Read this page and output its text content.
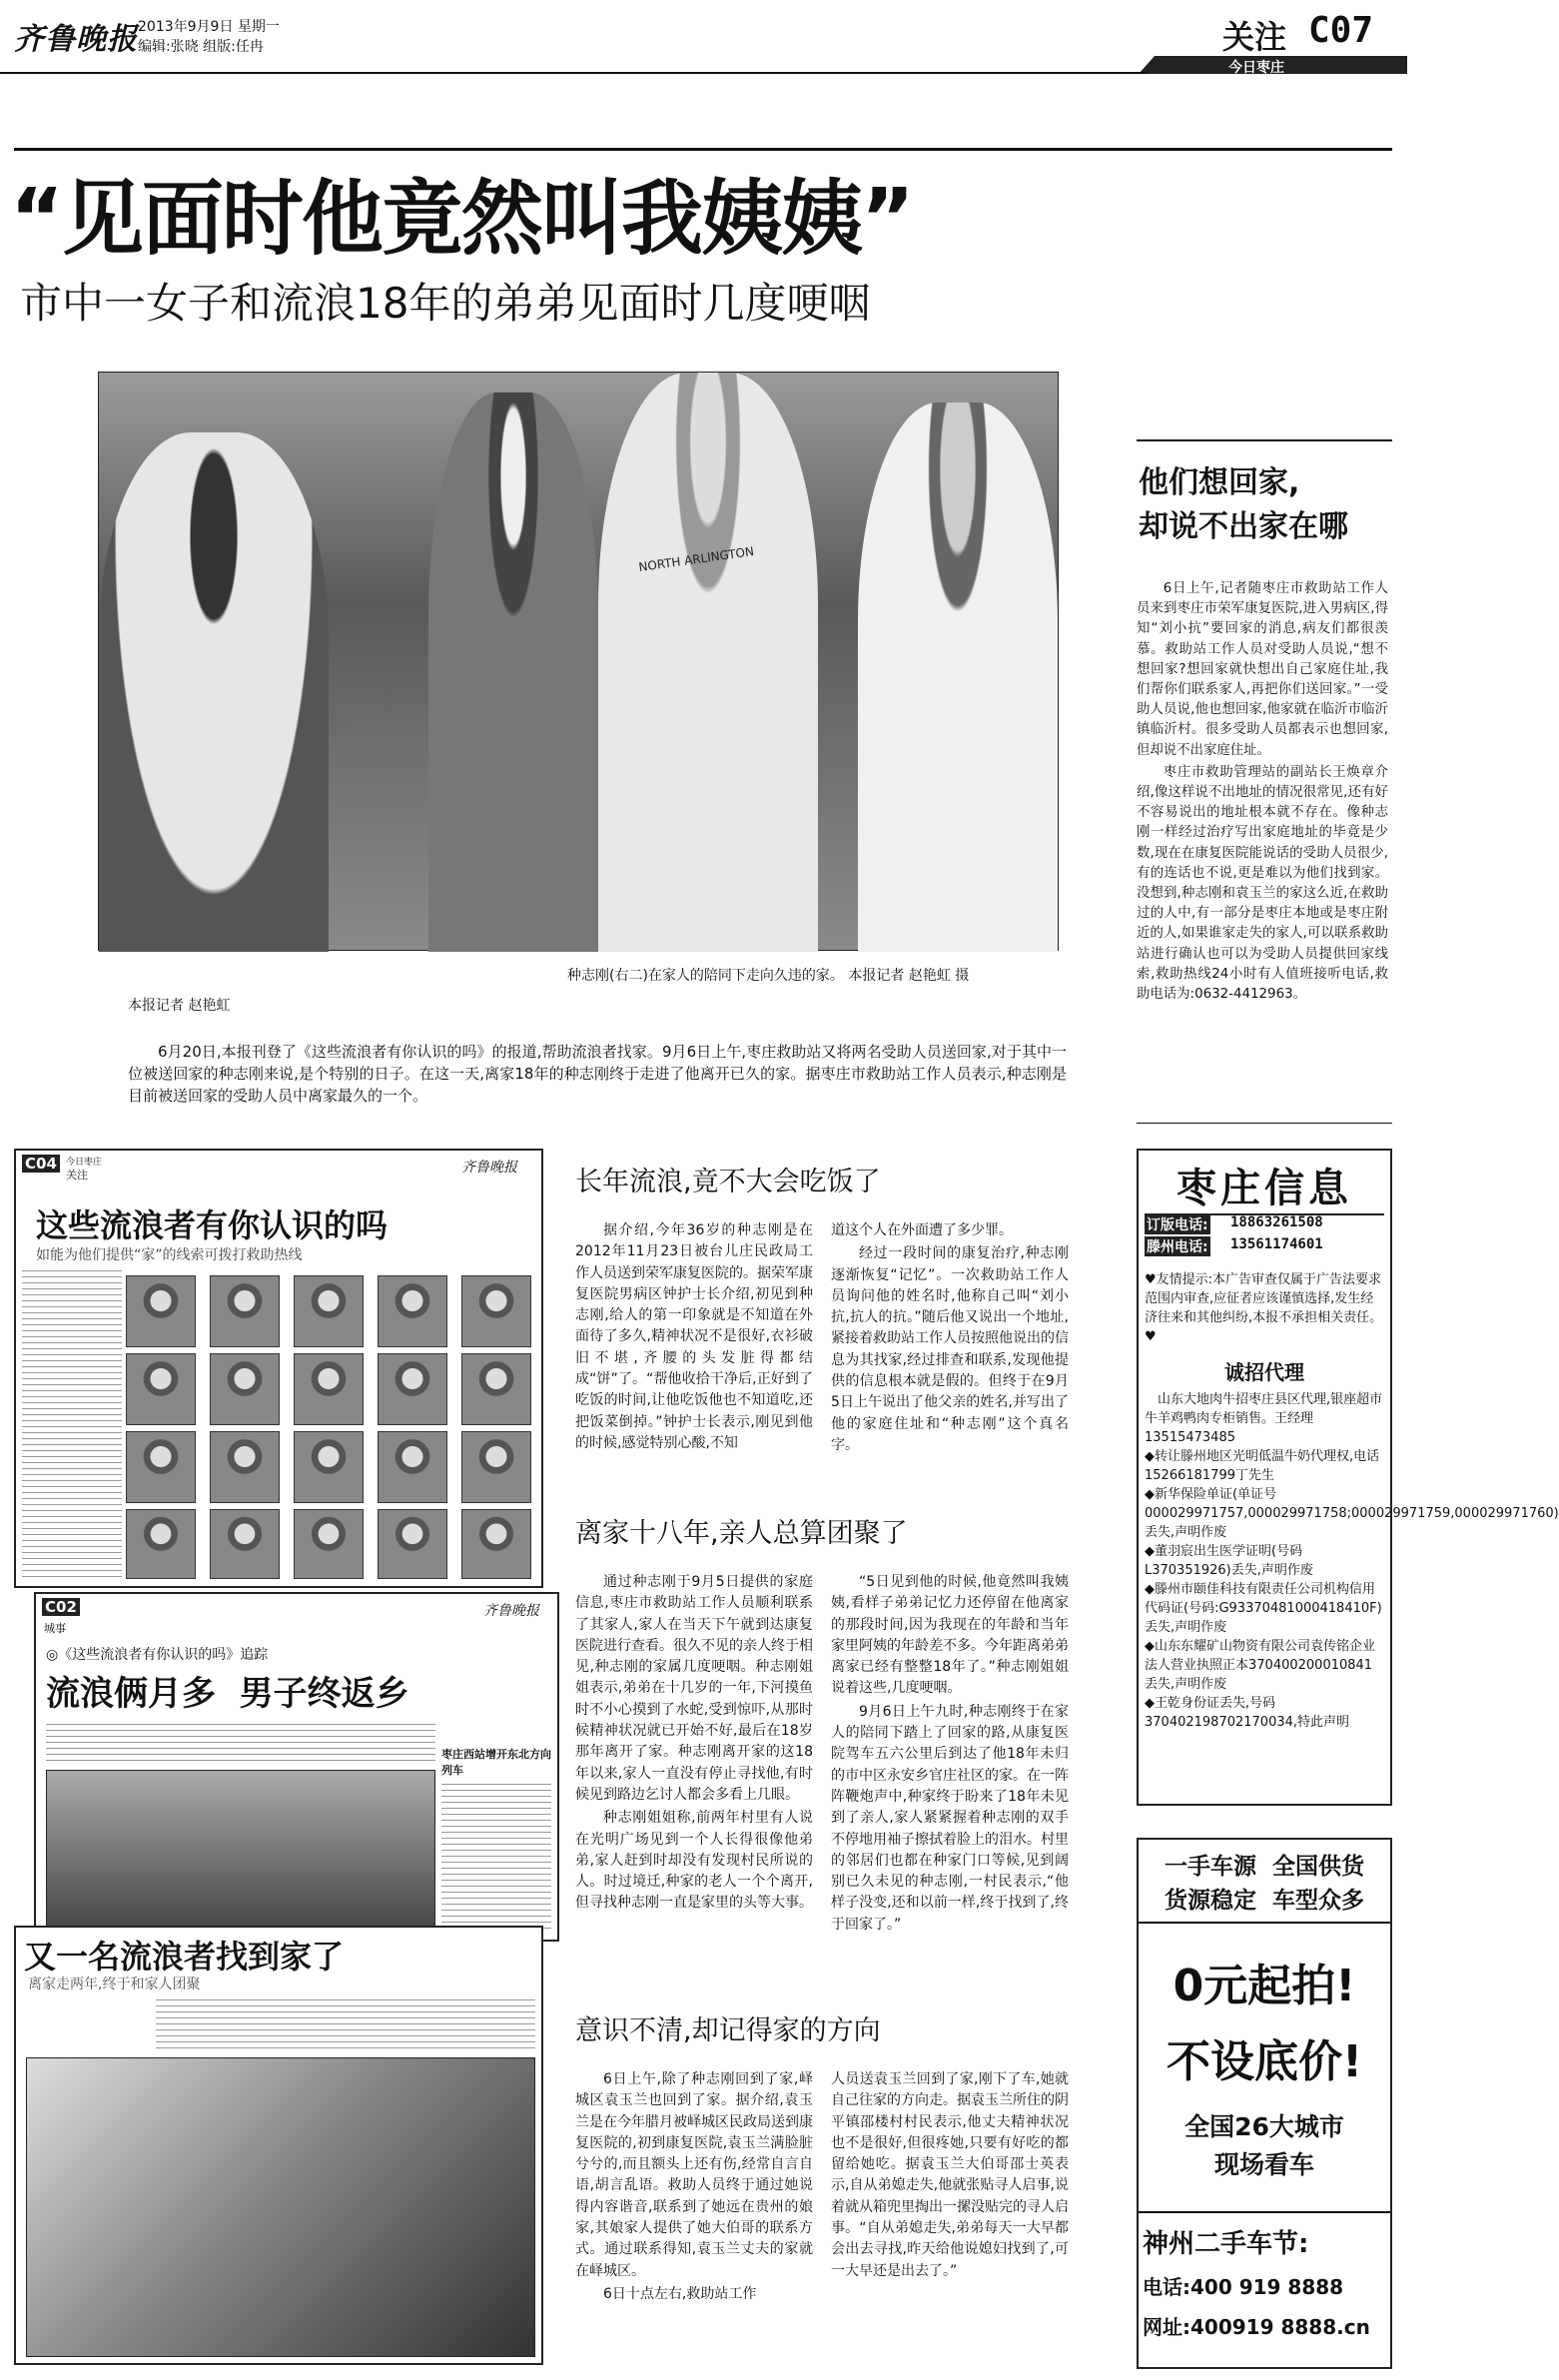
齐鲁晚报 2013年9月9日 星期一
编辑:张晓 组版:任冉	关注 C07
今日枣庄
“见面时他竟然叫我姨姨”
市中一女子和流浪18年的弟弟见面时几度哽咽
NORTH ARLINGTON
种志刚(右二)在家人的陪同下走向久违的家。 本报记者 赵艳虹 摄
本报记者 赵艳虹

6月20日,本报刊登了《这些流浪者有你认识的吗》的报道,帮助流浪者找家。9月6日上午,枣庄救助站又将两名受助人员送回家,对于其中一位被送回家的种志刚来说,是个特别的日子。在这一天,离家18年的种志刚终于走进了他离开已久的家。据枣庄市救助站工作人员表示,种志刚是目前被送回家的受助人员中离家最久的一个。

他们想回家,
却说不出家在哪

6日上午,记者随枣庄市救助站工作人员来到枣庄市荣军康复医院,进入男病区,得知“刘小抗”要回家的消息,病友们都很羡慕。救助站工作人员对受助人员说,“想不想回家?想回家就快想出自己家庭住址,我们帮你们联系家人,再把你们送回家。”一受助人员说,他也想回家,他家就在临沂市临沂镇临沂村。很多受助人员都表示也想回家,但却说不出家庭住址。

枣庄市救助管理站的副站长王焕章介绍,像这样说不出地址的情况很常见,还有好不容易说出的地址根本就不存在。像种志刚一样经过治疗写出家庭地址的毕竟是少数,现在在康复医院能说话的受助人员很少,有的连话也不说,更是难以为他们找到家。没想到,种志刚和袁玉兰的家这么近,在救助过的人中,有一部分是枣庄本地或是枣庄附近的人,如果谁家走失的家人,可以联系救助站进行确认也可以为受助人员提供回家线索,救助热线24小时有人值班接听电话,救助电话为:0632-4412963。

C04	今日枣庄
关注	齐鲁晚报
这些流浪者有你认识的吗
如能为他们提供“家”的线索可拨打救助热线
C02
城事
齐鲁晚报
◎《这些流浪者有你认识的吗》追踪
流浪俩月多  男子终返乡
枣庄西站增开东北方向列车
又一名流浪者找到家了
离家走两年,终于和家人团聚
长年流浪,竟不大会吃饭了

据介绍,今年36岁的种志刚是在2012年11月23日被台儿庄民政局工作人员送到荣军康复医院的。据荣军康复医院男病区钟护士长介绍,初见到种志刚,给人的第一印象就是不知道在外面待了多久,精神状况不是很好,衣衫破旧不堪,齐腰的头发脏得都结成“饼”了。“帮他收拾干净后,正好到了吃饭的时间,让他吃饭他也不知道吃,还把饭菜倒掉。”钟护士长表示,刚见到他的时候,感觉特别心酸,不知

道这个人在外面遭了多少罪。

经过一段时间的康复治疗,种志刚逐渐恢复“记忆”。一次救助站工作人员询问他的姓名时,他称自己叫“刘小抗,抗人的抗。”随后他又说出一个地址,紧接着救助站工作人员按照他说出的信息为其找家,经过排查和联系,发现他提供的信息根本就是假的。但终于在9月5日上午说出了他父亲的姓名,并写出了他的家庭住址和“种志刚”这个真名字。

离家十八年,亲人总算团聚了

通过种志刚于9月5日提供的家庭信息,枣庄市救助站工作人员顺利联系了其家人,家人在当天下午就到达康复医院进行查看。很久不见的亲人终于相见,种志刚的家属几度哽咽。种志刚姐姐表示,弟弟在十几岁的一年,下河摸鱼时不小心摸到了水蛇,受到惊吓,从那时候精神状况就已开始不好,最后在18岁那年离开了家。种志刚离开家的这18年以来,家人一直没有停止寻找他,有时候见到路边乞讨人都会多看上几眼。

种志刚姐姐称,前两年村里有人说在光明广场见到一个人长得很像他弟弟,家人赶到时却没有发现村民所说的人。时过境迁,种家的老人一个个离开,但寻找种志刚一直是家里的头等大事。

“5日见到他的时候,他竟然叫我姨姨,看样子弟弟记忆力还停留在他离家的那段时间,因为我现在的年龄和当年家里阿姨的年龄差不多。今年距离弟弟离家已经有整整18年了。”种志刚姐姐说着这些,几度哽咽。

9月6日上午九时,种志刚终于在家人的陪同下踏上了回家的路,从康复医院驾车五六公里后到达了他18年未归的市中区永安乡官庄社区的家。在一阵阵鞭炮声中,种家终于盼来了18年未见到了亲人,家人紧紧握着种志刚的双手不停地用袖子擦拭着脸上的泪水。村里的邻居们也都在种家门口等候,见到阔别已久未见的种志刚,一村民表示,“他样子没变,还和以前一样,终于找到了,终于回家了。”

意识不清,却记得家的方向

6日上午,除了种志刚回到了家,峄城区袁玉兰也回到了家。据介绍,袁玉兰是在今年腊月被峄城区民政局送到康复医院的,初到康复医院,袁玉兰满脸脏兮兮的,而且额头上还有伤,经常自言自语,胡言乱语。救助人员终于通过她说得内容谐音,联系到了她远在贵州的娘家,其娘家人提供了她大伯哥的联系方式。通过联系得知,袁玉兰丈夫的家就在峄城区。

6日十点左右,救助站工作

人员送袁玉兰回到了家,刚下了车,她就自己往家的方向走。据袁玉兰所住的阴平镇邵楼村村民表示,他丈夫精神状况也不是很好,但很疼她,只要有好吃的都留给她吃。据袁玉兰大伯哥邵士英表示,自从弟媳走失,他就张贴寻人启事,说着就从箱兜里掏出一摞没贴完的寻人启事。“自从弟媳走失,弟弟每天一大早都会出去寻找,昨天给他说媳妇找到了,可一大早还是出去了。”

枣庄信息
订版电话: 18863261508
滕州电话: 13561174601
♥友情提示:本广告审查仅属于广告法要求范围内审查,应征者应该谨慎选择,发生经济往来和其他纠纷,本报不承担相关责任。♥
诚招代理
山东大地肉牛招枣庄县区代理,银座超市牛羊鸡鸭肉专柜销售。王经理13515473485
◆转让滕州地区光明低温牛奶代理权,电话15266181799丁先生
◆新华保险单证(单证号000029971757,000029971758;000029971759,000029971760)丢失,声明作废
◆董羽宸出生医学证明(号码L370351926)丢失,声明作废
◆滕州市颐佳科技有限责任公司机构信用代码证(号码:G93370481000418410F)丢失,声明作废
◆山东东耀矿山物资有限公司袁传铭企业法人营业执照正本370400200010841丢失,声明作废
◆王乾身份证丢失,号码370402198702170034,特此声明
一手车源  全国供货
货源稳定  车型众多
0元起拍!
不设底价!
全国26大城市
现场看车
神州二手车节:
电话:400 919 8888
网址:400919 8888.cn
